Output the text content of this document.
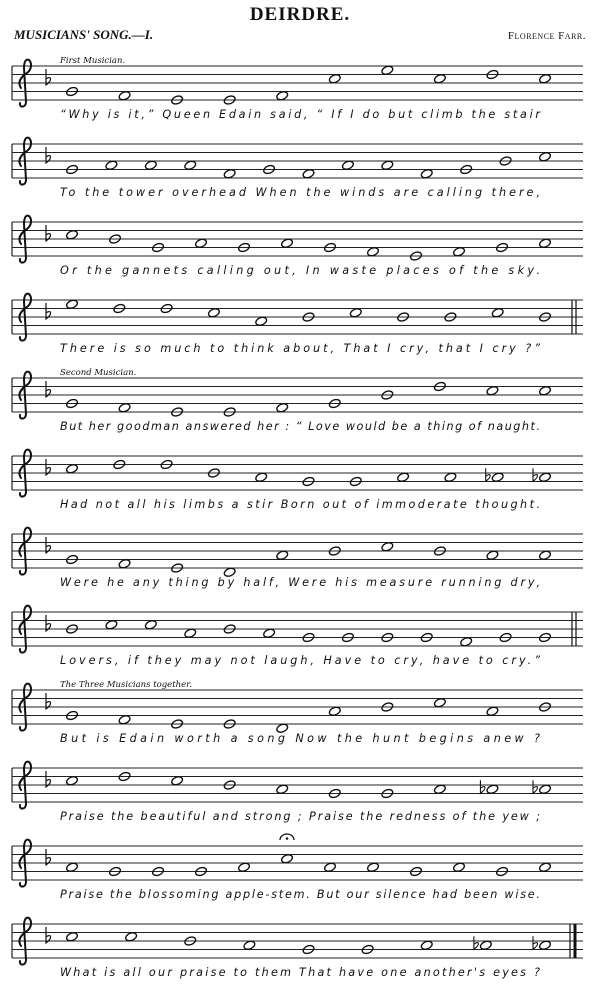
DEIRDRE.
MUSICIANS' SONG.—I.	Florence Farr.
First Musician.
“Why is it,” Queen Edain said, “ If I do but climb the stair
To the tower overhead When the winds are calling there,
Or the gannets calling out, In waste places of the sky.
There is so much to think about, That I cry, that I cry ?”
Second Musician.
But her goodman answered her : “ Love would be a thing of naught.
Had not all his limbs a stir Born out of immoderate thought.
Were he any thing by half, Were his measure running dry,
Lovers, if they may not laugh, Have to cry, have to cry.”
The Three Musicians together.
But is Edain worth a song Now the hunt begins anew ?
Praise the beautiful and strong ; Praise the redness of the yew ;
Praise the blossoming apple-stem. But our silence had been wise.
What is all our praise to them That have one another's eyes ?
